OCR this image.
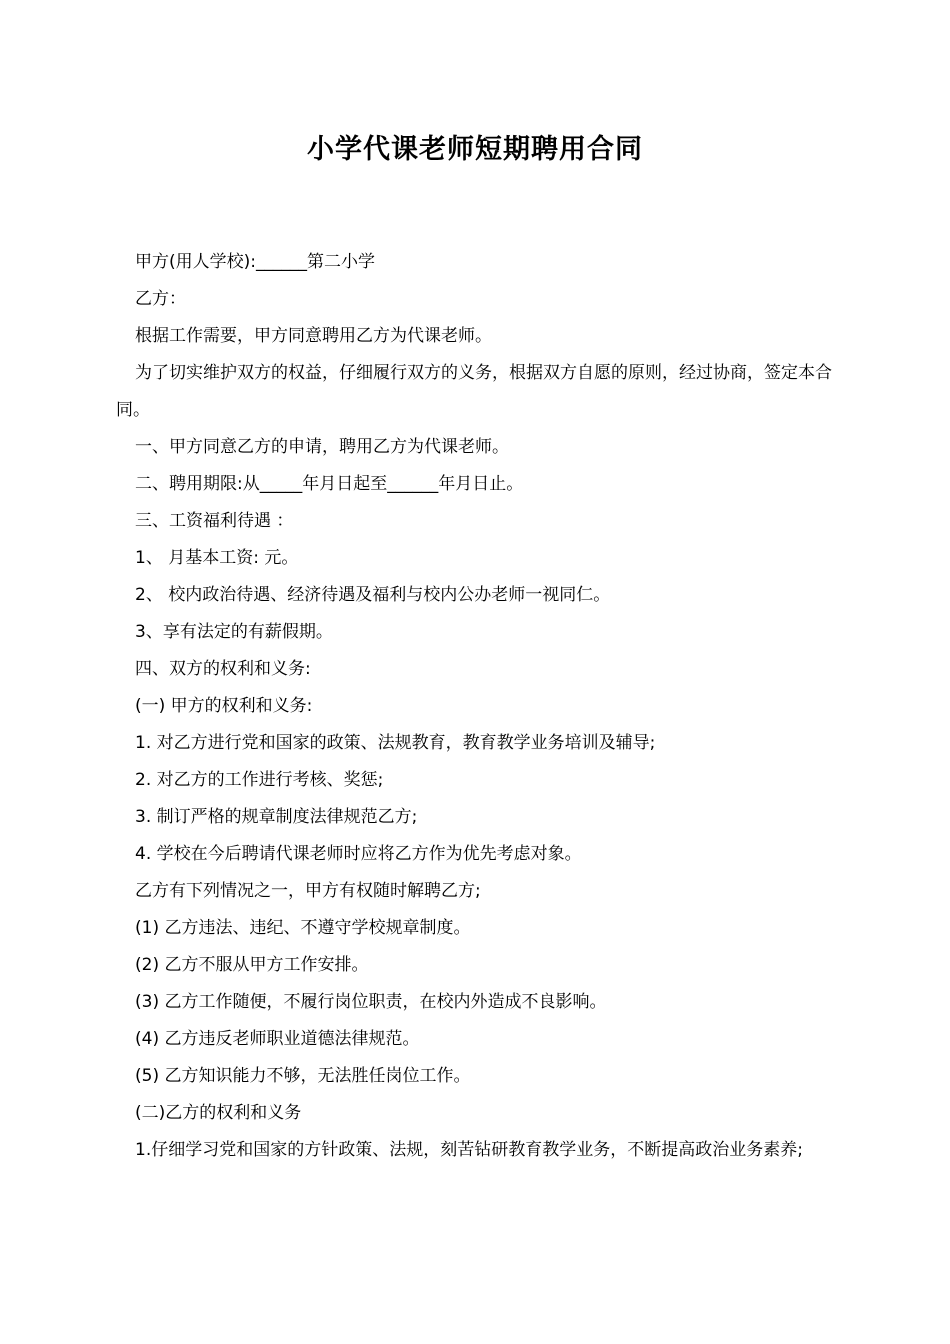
小学代课老师短期聘用合同

甲方(用人学校):______第二小学

乙方：

根据工作需要，甲方同意聘用乙方为代课老师。

为了切实维护双方的权益，仔细履行双方的义务，根据双方自愿的原则，经过协商，签定本合同。

一、甲方同意乙方的申请，聘用乙方为代课老师。

二、聘用期限:从_____年月日起至______年月日止。

三、工资福利待遇 ：

1、 月基本工资: 元。

2、 校内政治待遇、经济待遇及福利与校内公办老师一视同仁。

3、享有法定的有薪假期。

四、双方的权利和义务:

(一) 甲方的权利和义务:

1. 对乙方进行党和国家的政策、法规教育，教育教学业务培训及辅导;

2. 对乙方的工作进行考核、奖惩;

3. 制订严格的规章制度法律规范乙方;

4. 学校在今后聘请代课老师时应将乙方作为优先考虑对象。

乙方有下列情况之一，甲方有权随时解聘乙方;

(1) 乙方违法、违纪、不遵守学校规章制度。

(2) 乙方不服从甲方工作安排。

(3) 乙方工作随便，不履行岗位职责，在校内外造成不良影响。

(4) 乙方违反老师职业道德法律规范。

(5) 乙方知识能力不够，无法胜任岗位工作。

(二)乙方的权利和义务

1.仔细学习党和国家的方针政策、法规，刻苦钻研教育教学业务，不断提高政治业务素养;
